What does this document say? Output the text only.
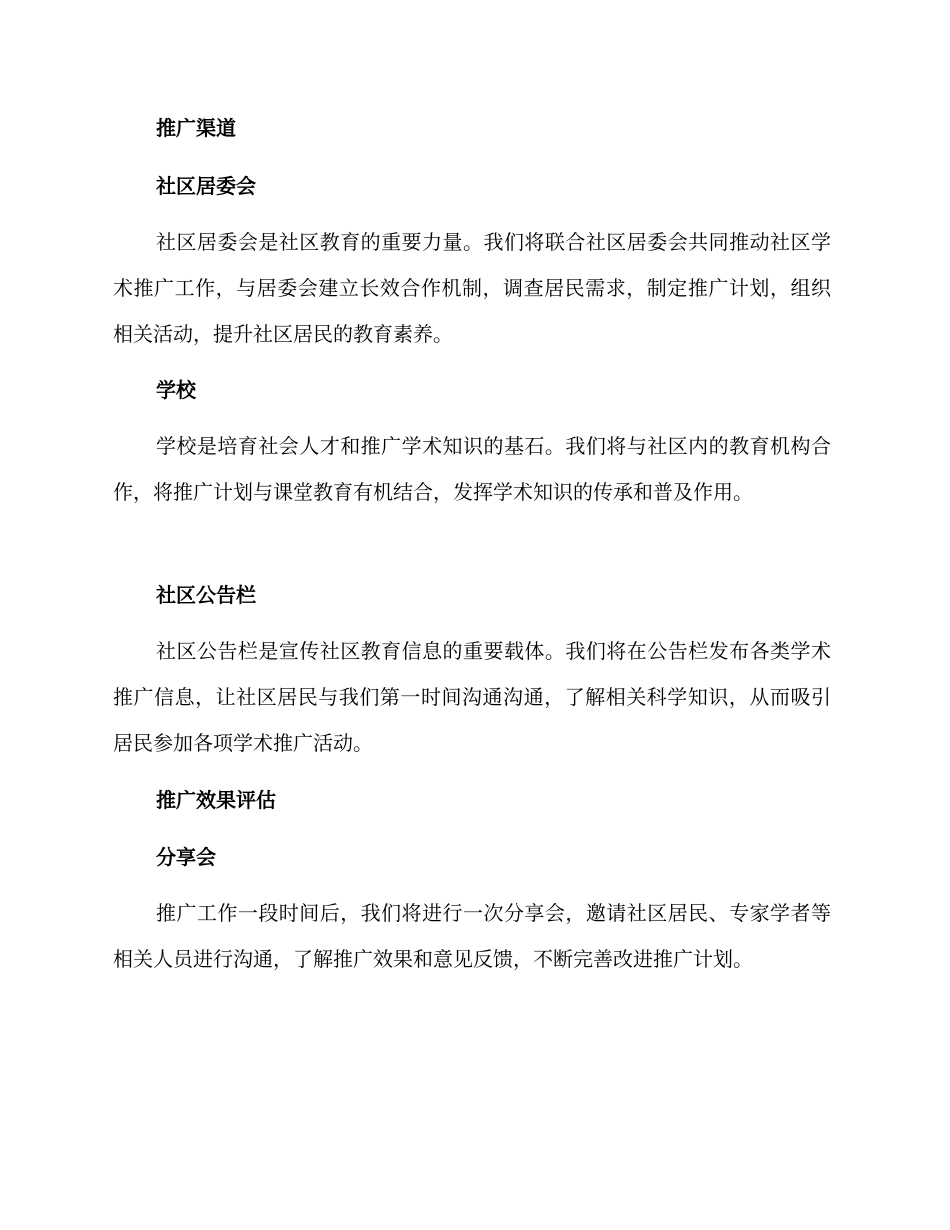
推广渠道
社区居委会
社区居委会是社区教育的重要力量。我们将联合社区居委会共同推动社区学术推广工作，与居委会建立长效合作机制，调查居民需求，制定推广计划，组织相关活动，提升社区居民的教育素养。
学校
学校是培育社会人才和推广学术知识的基石。我们将与社区内的教育机构合作，将推广计划与课堂教育有机结合，发挥学术知识的传承和普及作用。
社区公告栏
社区公告栏是宣传社区教育信息的重要载体。我们将在公告栏发布各类学术推广信息，让社区居民与我们第一时间沟通沟通，了解相关科学知识，从而吸引居民参加各项学术推广活动。
推广效果评估
分享会
推广工作一段时间后，我们将进行一次分享会，邀请社区居民、专家学者等相关人员进行沟通，了解推广效果和意见反馈，不断完善改进推广计划。
